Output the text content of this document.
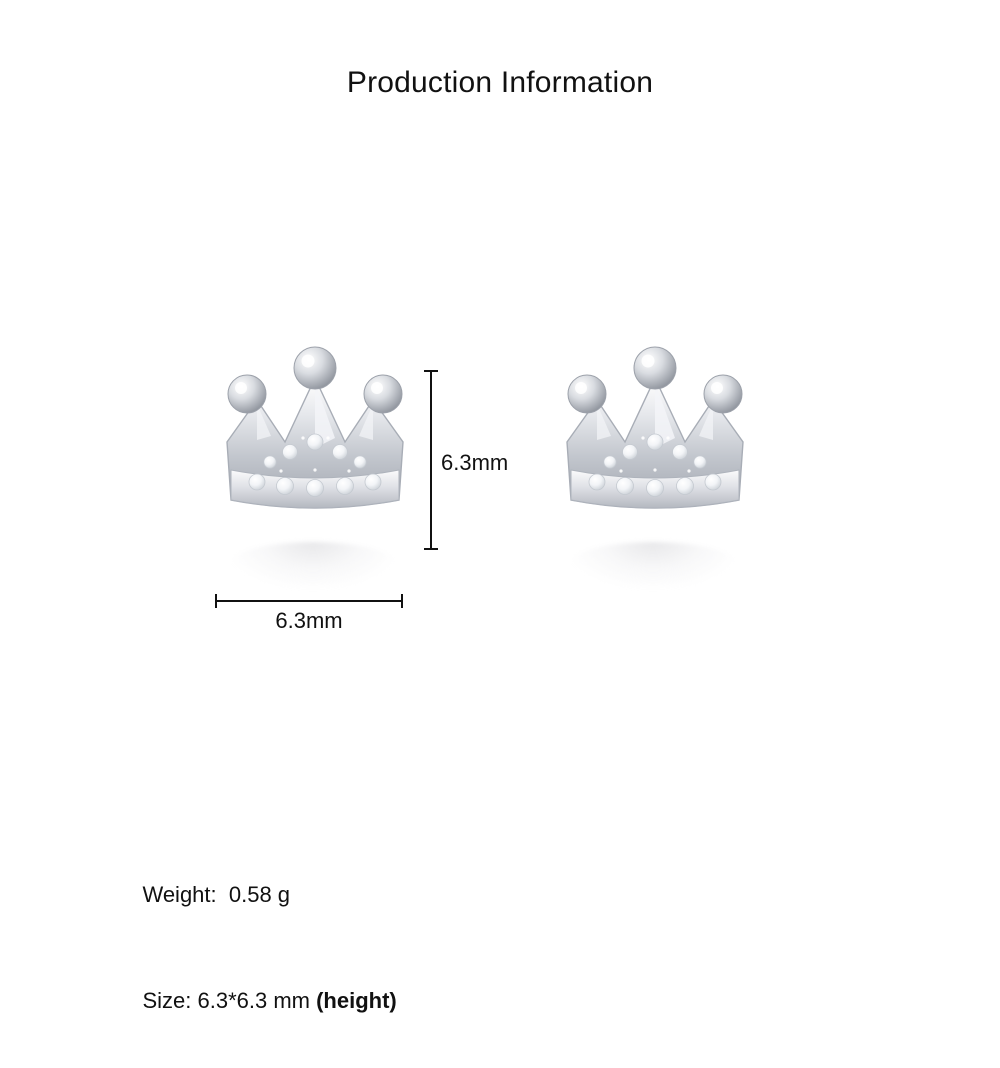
Production Information
6.3mm
6.3mm

Weight:  0.58 g

Size: 6.3*6.3 mm (height)
